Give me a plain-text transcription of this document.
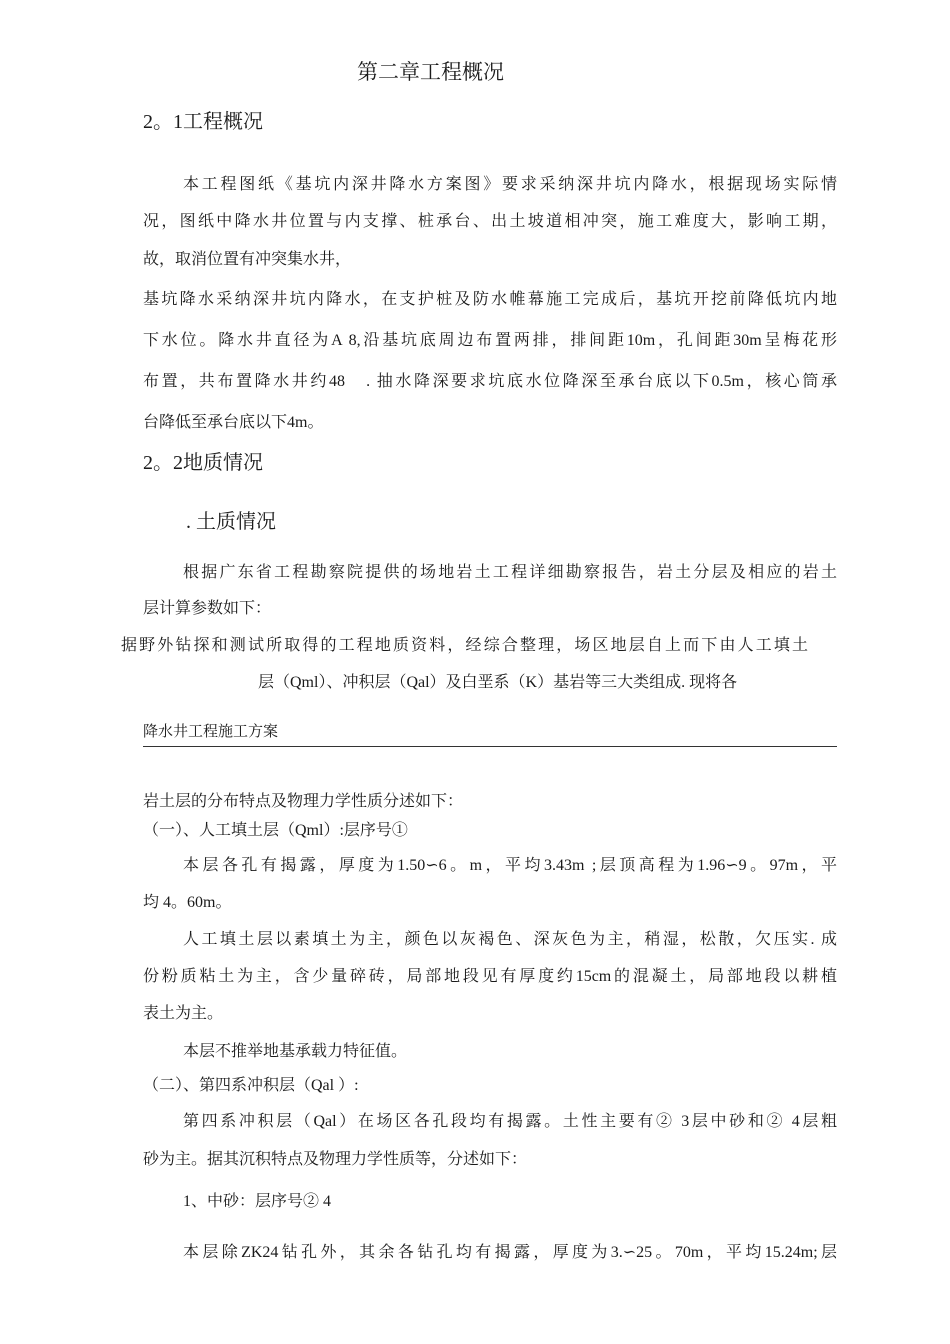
第二章工程概况
2。1工程概况
本工程图纸《基坑内深井降水方案图》要求采纳深井坑内降水，根据现场实际情
况，图纸中降水井位置与内支撑、桩承台、出土坡道相冲突，施工难度大，影响工期，
故，取消位置有冲突集水井，
基坑降水采纳深井坑内降水，在支护桩及防水帷幕施工完成后，基坑开挖前降低坑内地
下水位。降水井直径为A 8,沿基坑底周边布置两排，排间距10m，孔间距30m呈梅花形
布置，共布置降水井约48　. 抽水降深要求坑底水位降深至承台底以下0.5m，核心筒承
台降低至承台底以下4m。
2。2地质情况
. 土质情况
根据广东省工程勘察院提供的场地岩土工程详细勘察报告，岩土分层及相应的岩土
层计算参数如下：
据野外钻探和测试所取得的工程地质资料，经综合整理，场区地层自上而下由人工填土
层（Qml）、冲积层（Qal）及白垩系（K）基岩等三大类组成. 现将各
降水井工程施工方案
岩土层的分布特点及物理力学性质分述如下：
（一）、人工填土层（Qml）:层序号①
本层各孔有揭露，厚度为1.50∽6。m，平均3.43m ;层顶高程为1.96∽9。97m，平
均 4。60m。
人工填土层以素填土为主，颜色以灰褐色、深灰色为主，稍湿，松散，欠压实. 成
份粉质粘土为主，含少量碎砖，局部地段见有厚度约15cm的混凝土，局部地段以耕植
表土为主。
本层不推举地基承载力特征值。
（二）、第四系冲积层（Qal ）:
第四系冲积层（Qal）在场区各孔段均有揭露。土性主要有② 3层中砂和② 4层粗
砂为主。据其沉积特点及物理力学性质等，分述如下：
1、中砂：层序号② 4
本层除ZK24钻孔外，其余各钻孔均有揭露，厚度为3.∽25。70m，平均15.24m;层
